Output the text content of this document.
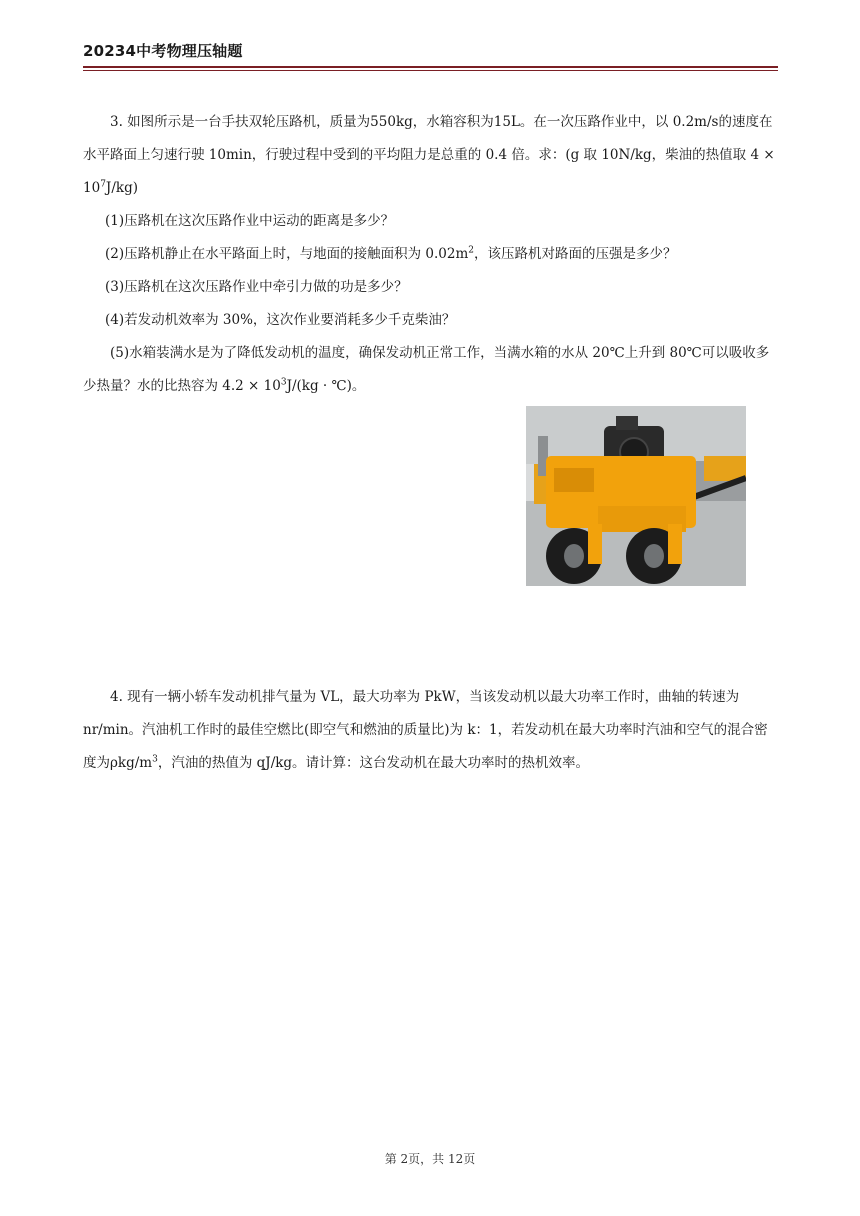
20234中考物理压轴题

3. 如图所示是一台手扶双轮压路机，质量为550kg，水箱容积为15L。在一次压路作业中，以 0.2m/s的速度在水平路面上匀速行驶 10min，行驶过程中受到的平均阻力是总重的 0.4 倍。求：(g 取 10N/kg，柴油的热值取 $4 \times 10^7J/kg$)

(1)压路机在这次压路作业中运动的距离是多少？

(2)压路机静止在水平路面上时，与地面的接触面积为 $0.02m^2$，该压路机对路面的压强是多少？

(3)压路机在这次压路作业中牵引力做的功是多少？

(4)若发动机效率为 30%，这次作业要消耗多少千克柴油？

(5)水箱装满水是为了降低发动机的温度，确保发动机正常工作，当满水箱的水从 20℃上升到 80℃可以吸收多少热量？水的比热容为 $4.2 \times 10^3J/(kg$ · ℃)。

4. 现有一辆小轿车发动机排气量为 VL，最大功率为 PkW，当该发动机以最大功率工作时，曲轴的转速为 nr/min。汽油机工作时的最佳空燃比(即空气和燃油的质量比)为 k：1，若发动机在最大功率时汽油和空气的混合密度为ρkg/$m^3$，汽油的热值为 qJ/kg。请计算：这台发动机在最大功率时的热机效率。

第 2页，共 12页
